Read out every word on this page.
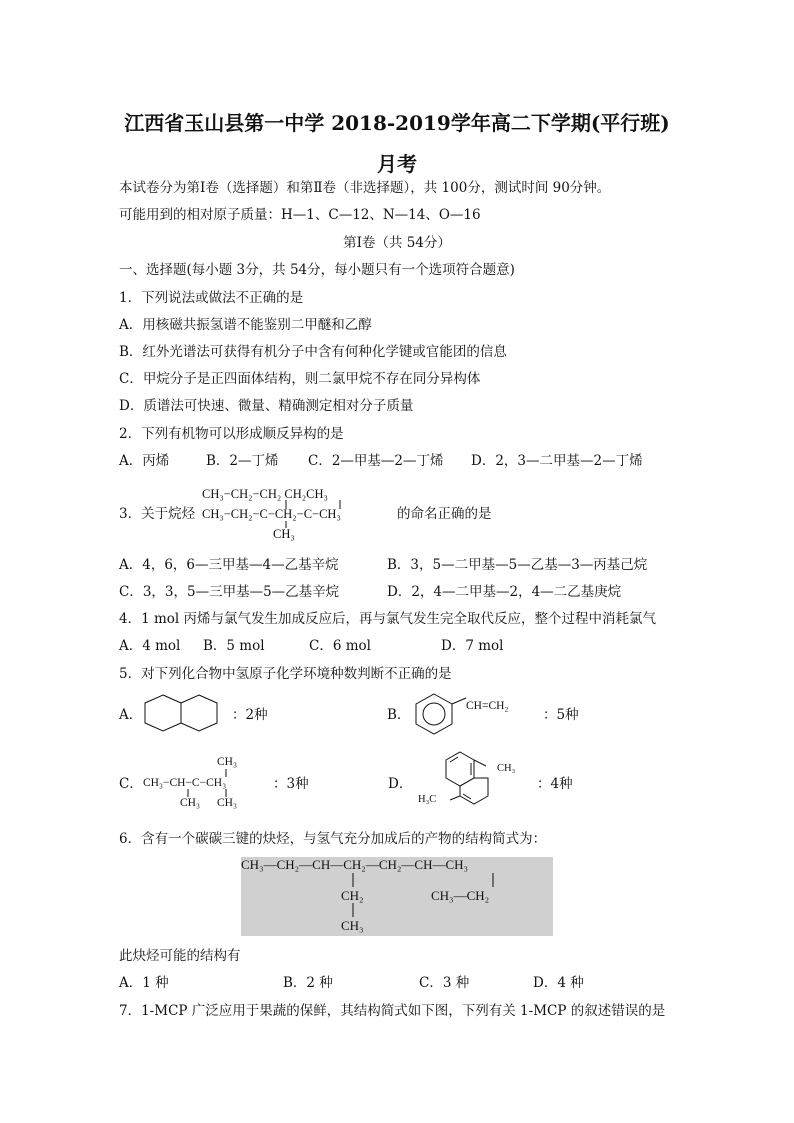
江西省玉山县第一中学 2018-2019学年高二下学期(平行班)
月考
本试卷分为第Ⅰ卷（选择题）和第Ⅱ卷（非选择题），共 100分，测试时间 90分钟。
可能用到的相对原子质量：H—1、C—12、N—14、O—16
第Ⅰ卷（共 54分）
一、选择题(每小题 3分，共 54分，每小题只有一个选项符合题意)
1．下列说法或做法不正确的是
A．用核磁共振氢谱不能鉴别二甲醚和乙醇
B．红外光谱法可获得有机分子中含有何种化学键或官能团的信息
C．甲烷分子是正四面体结构，则二氯甲烷不存在同分异构体
D．质谱法可快速、微量、精确测定相对分子质量
2．下列有机物可以形成顺反异构的是
A．丙烯	B．2—丁烯 C．2—甲基—2—丁烯 D．2，3—二甲基—2—丁烯
3．关于烷烃
CH₃−CH₂−CH₂ CH₂CH₃
CH₃−CH₂−C−CH₂−C−CH₃
CH₃
的命名正确的是
A．4，6，6—三甲基—4—乙基辛烷	B．3，5—二甲基—5—乙基—3—丙基己烷
C．3，3，5—三甲基—5—乙基辛烷	D．2，4—二甲基—2，4—二乙基庚烷
4．1 mol 丙烯与氯气发生加成反应后，再与氯气发生完全取代反应，整个过程中消耗氯气
A．4 mol B．5 mol	C．6 mol	D．7 mol
5．对下列化合物中氢原子化学环境种数判断不正确的是
A．	：2种	B．
CH=CH₂
：5种
C．
CH₃
CH₃−CH−C−CH₃
CH₃ CH₃
：3种	D．
CH₃
H₃C
：4种
6．含有一个碳碳三键的炔烃，与氢气充分加成后的产物的结构简式为：
CH₃—CH₂—CH—CH₂—CH₂—CH—CH₃
CH₂
CH₃
CH₃—CH₂
此炔烃可能的结构有
A．1 种	B．2 种	C．3 种	D．4 种
7．1-MCP 广泛应用于果蔬的保鲜，其结构简式如下图，下列有关 1-MCP 的叙述错误的是
